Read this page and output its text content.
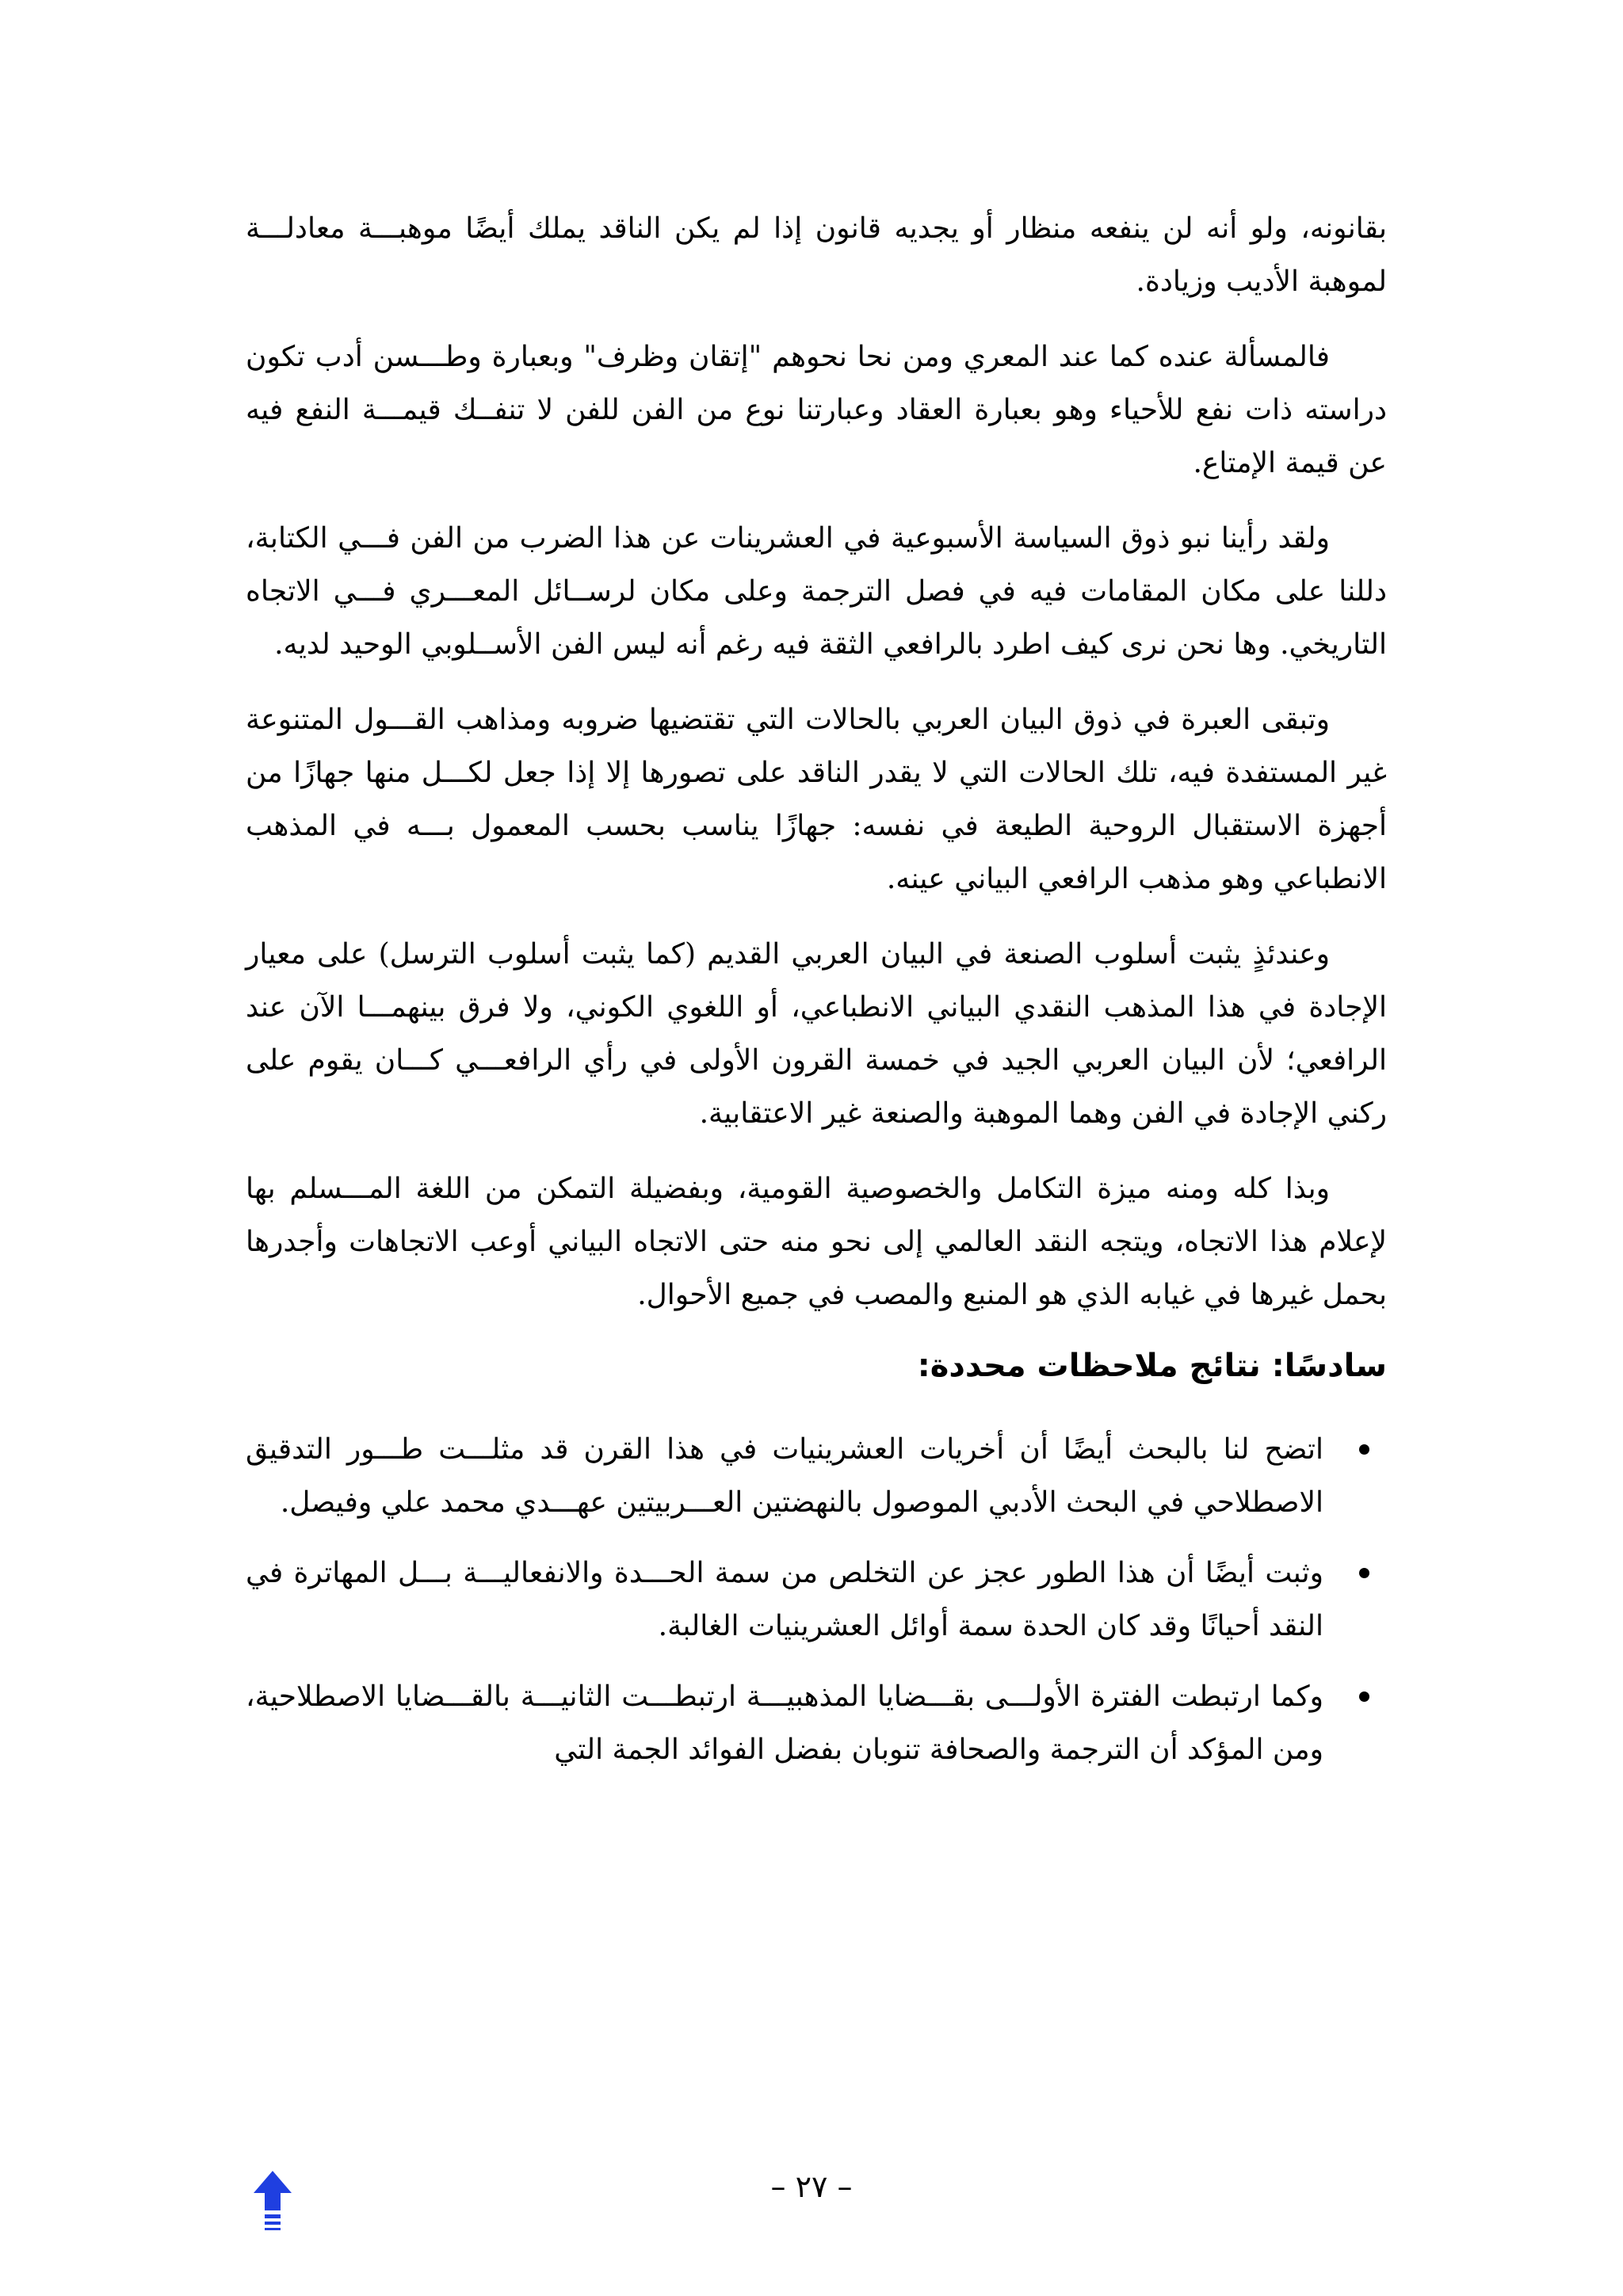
بقانونه، ولو أنه لن ينفعه منظار أو يجديه قانون إذا لم يكن الناقد يملك أيضًا موهبـــة معادلـــة لموهبة الأديب وزيادة.

فالمسألة عنده كما عند المعري ومن نحا نحوهم "إتقان وظرف" وبعبارة وطـــسن أدب تكون دراسته ذات نفع للأحياء وهو بعبارة العقاد وعبارتنا نوع من الفن للفن لا تنفــك قيمـــة النفع فيه عن قيمة الإمتاع.

ولقد رأينا نبو ذوق السياسة الأسبوعية في العشرينات عن هذا الضرب من الفن فـــي الكتابة، دللنا على مكان المقامات فيه في فصل الترجمة وعلى مكان لرســائل المعـــري فـــي الاتجاه التاريخي. وها نحن نرى كيف اطرد بالرافعي الثقة فيه رغم أنه ليس الفن الأســلوبي الوحيد لديه.

وتبقى العبرة في ذوق البيان العربي بالحالات التي تقتضيها ضروبه ومذاهب القـــول المتنوعة غير المستفدة فيه، تلك الحالات التي لا يقدر الناقد على تصورها إلا إذا جعل لكـــل منها جهازًا من أجهزة الاستقبال الروحية الطيعة في نفسه: جهازًا يناسب بحسب المعمول بـــه في المذهب الانطباعي وهو مذهب الرافعي البياني عينه.

وعندئذٍ يثبت أسلوب الصنعة في البيان العربي القديم (كما يثبت أسلوب الترسل) على معيار الإجادة في هذا المذهب النقدي البياني الانطباعي، أو اللغوي الكوني، ولا فرق بينهمـــا الآن عند الرافعي؛ لأن البيان العربي الجيد في خمسة القرون الأولى في رأي الرافعـــي كـــان يقوم على ركني الإجادة في الفن وهما الموهبة والصنعة غير الاعتقابية.

وبذا كله ومنه ميزة التكامل والخصوصية القومية، وبفضيلة التمكن من اللغة المـــسلم بها لإعلام هذا الاتجاه، ويتجه النقد العالمي إلى نحو منه حتى الاتجاه البياني أوعب الاتجاهات وأجدرها بحمل غيرها في غيابه الذي هو المنبع والمصب في جميع الأحوال.

سادسًا: نتائج ملاحظات محددة:
اتضح لنا بالبحث أيضًا أن أخريات العشرينيات في هذا القرن قد مثلـــت طـــور التدقيق الاصطلاحي في البحث الأدبي الموصول بالنهضتين العـــربيتين عهـــدي محمد علي وفيصل.
وثبت أيضًا أن هذا الطور عجز عن التخلص من سمة الحـــدة والانفعاليـــة بـــل المهاترة في النقد أحيانًا وقد كان الحدة سمة أوائل العشرينيات الغالبة.
وكما ارتبطت الفترة الأولـــى بقـــضايا المذهبيـــة ارتبطـــت الثانيـــة بالقـــضايا الاصطلاحية، ومن المؤكد أن الترجمة والصحافة تنوبان بفضل الفوائد الجمة التي
– ٢٧ –
